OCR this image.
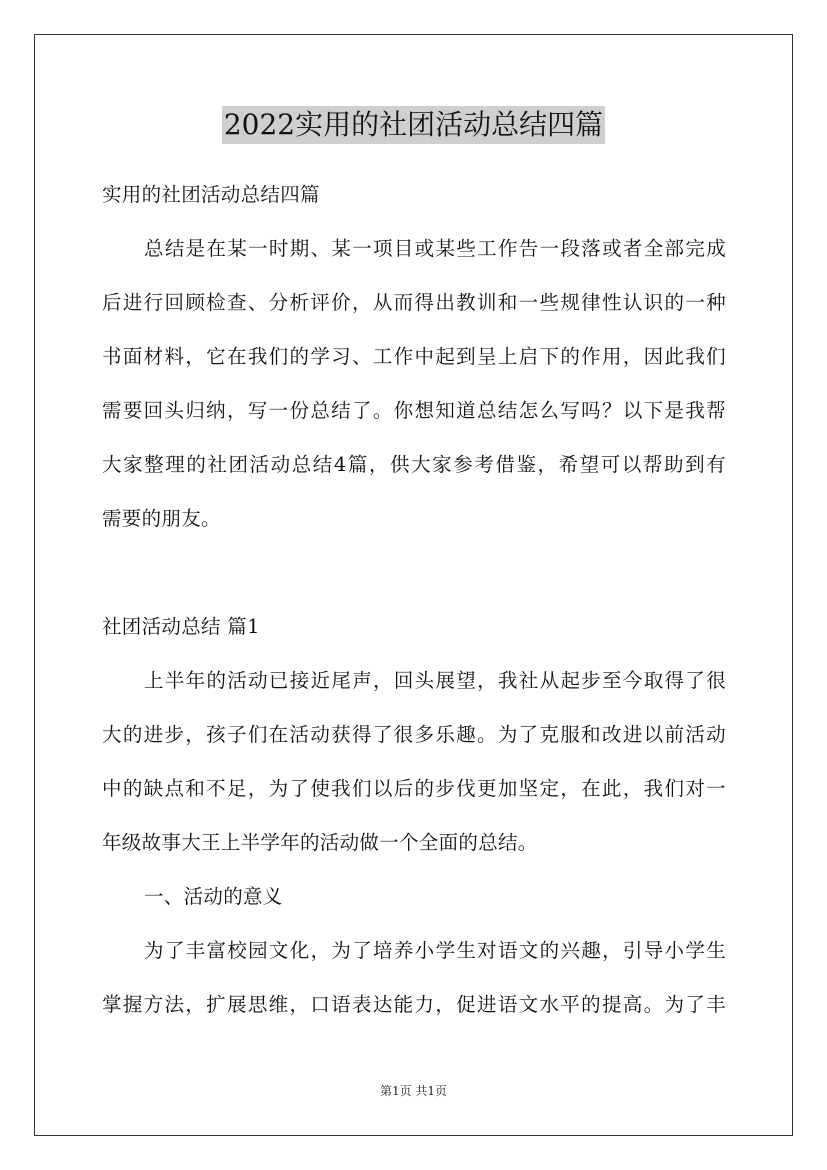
2022实用的社团活动总结四篇

实用的社团活动总结四篇

总结是在某一时期、某一项目或某些工作告一段落或者全部完成

后进行回顾检查、分析评价，从而得出教训和一些规律性认识的一种

书面材料，它在我们的学习、工作中起到呈上启下的作用，因此我们

需要回头归纳，写一份总结了。你想知道总结怎么写吗？以下是我帮

大家整理的社团活动总结4篇，供大家参考借鉴，希望可以帮助到有

需要的朋友。

社团活动总结 篇1

上半年的活动已接近尾声，回头展望，我社从起步至今取得了很

大的进步，孩子们在活动获得了很多乐趣。为了克服和改进以前活动

中的缺点和不足，为了使我们以后的步伐更加坚定，在此，我们对一

年级故事大王上半学年的活动做一个全面的总结。

一、活动的意义

为了丰富校园文化，为了培养小学生对语文的兴趣，引导小学生

掌握方法，扩展思维，口语表达能力，促进语文水平的提高。为了丰

第1页 共1页
